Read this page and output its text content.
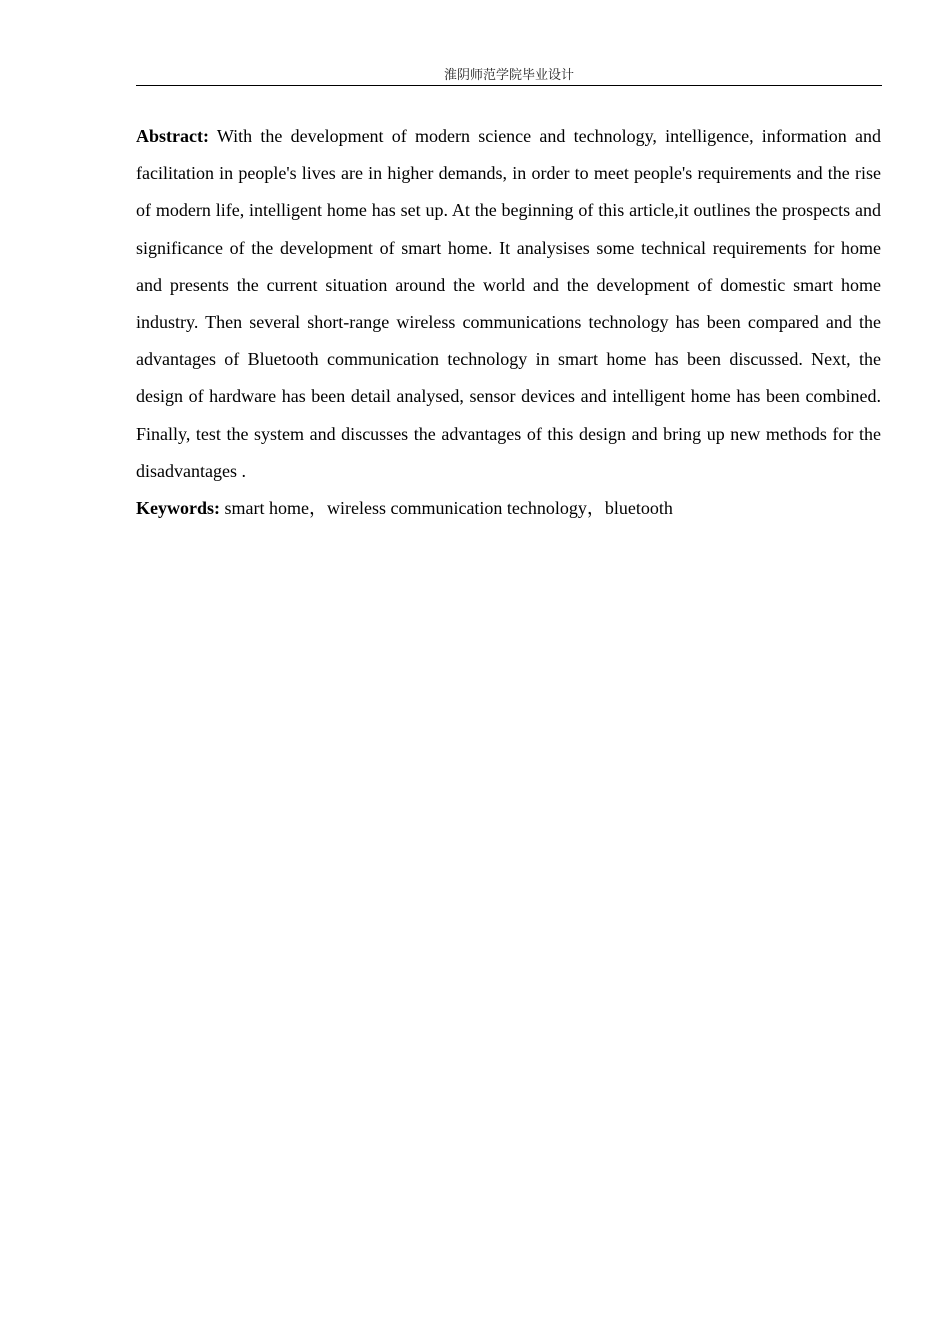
淮阴师范学院毕业设计

Abstract: With the development of modern science and technology, intelligence, information and facilitation in people's lives are in higher demands, in order to meet people's requirements and the rise of modern life, intelligent home has set up. At the beginning of this article,it outlines the prospects and significance of the development of smart home. It analysises some technical requirements for home and presents the current situation around the world and the development of domestic smart home industry. Then several short-range wireless communications technology has been compared and the advantages of Bluetooth communication technology in smart home has been discussed. Next, the design of hardware has been detail analysed, sensor devices and intelligent home has been combined. Finally, test the system and discusses the advantages of this design and bring up new methods for the disadvantages .

Keywords: smart home，wireless communication technology，bluetooth
